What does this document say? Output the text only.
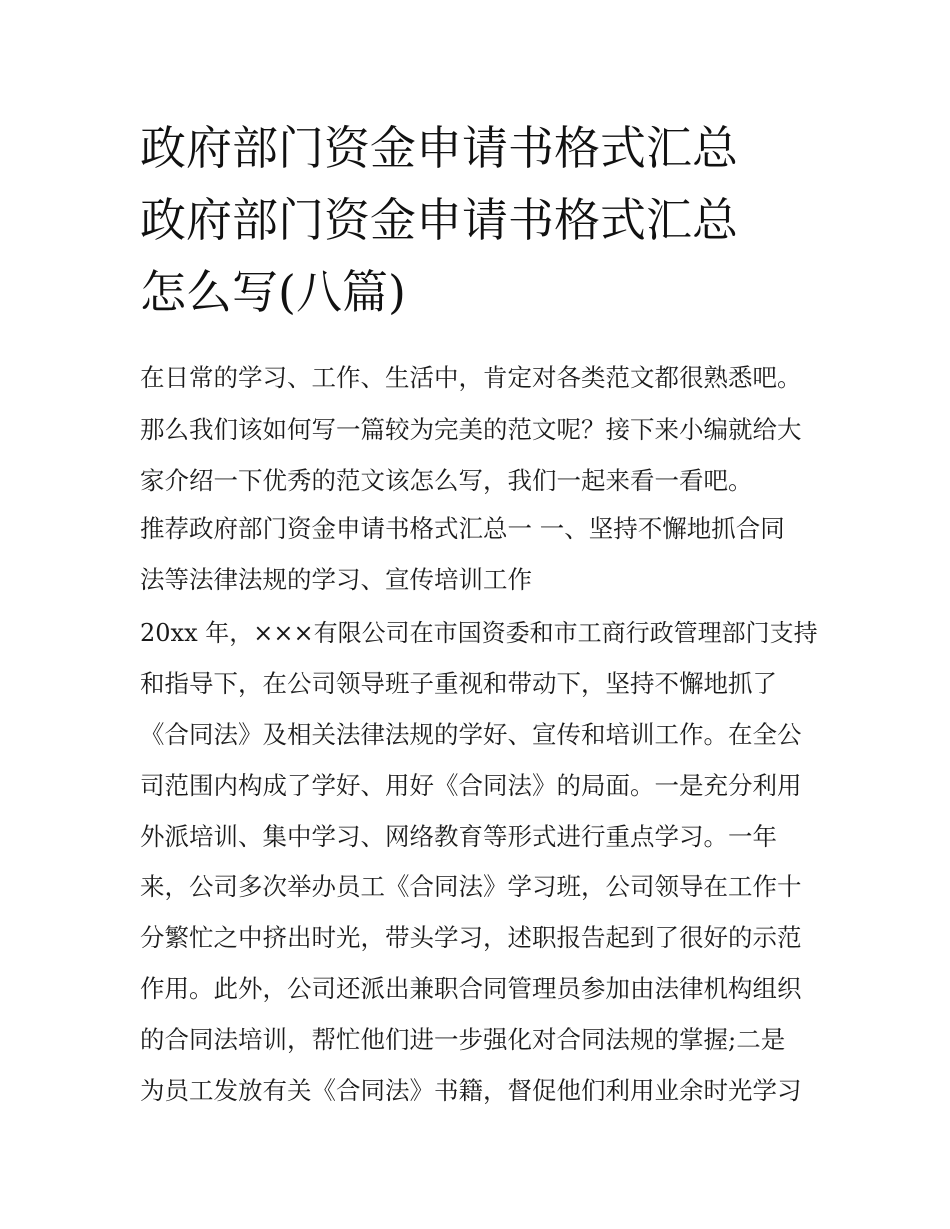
政府部门资金申请书格式汇总
政府部门资金申请书格式汇总
怎么写(八篇)

在日常的学习、工作、生活中，肯定对各类范文都很熟悉吧。

那么我们该如何写一篇较为完美的范文呢？接下来小编就给大

家介绍一下优秀的范文该怎么写，我们一起来看一看吧。

推荐政府部门资金申请书格式汇总一 一、坚持不懈地抓合同

法等法律法规的学习、宣传培训工作

20xx 年，×××有限公司在市国资委和市工商行政管理部门支持

和指导下，在公司领导班子重视和带动下，坚持不懈地抓了

《合同法》及相关法律法规的学好、宣传和培训工作。在全公

司范围内构成了学好、用好《合同法》的局面。一是充分利用

外派培训、集中学习、网络教育等形式进行重点学习。一年

来，公司多次举办员工《合同法》学习班，公司领导在工作十

分繁忙之中挤出时光，带头学习，述职报告起到了很好的示范

作用。此外，公司还派出兼职合同管理员参加由法律机构组织

的合同法培训，帮忙他们进一步强化对合同法规的掌握;二是

为员工发放有关《合同法》书籍，督促他们利用业余时光学习
